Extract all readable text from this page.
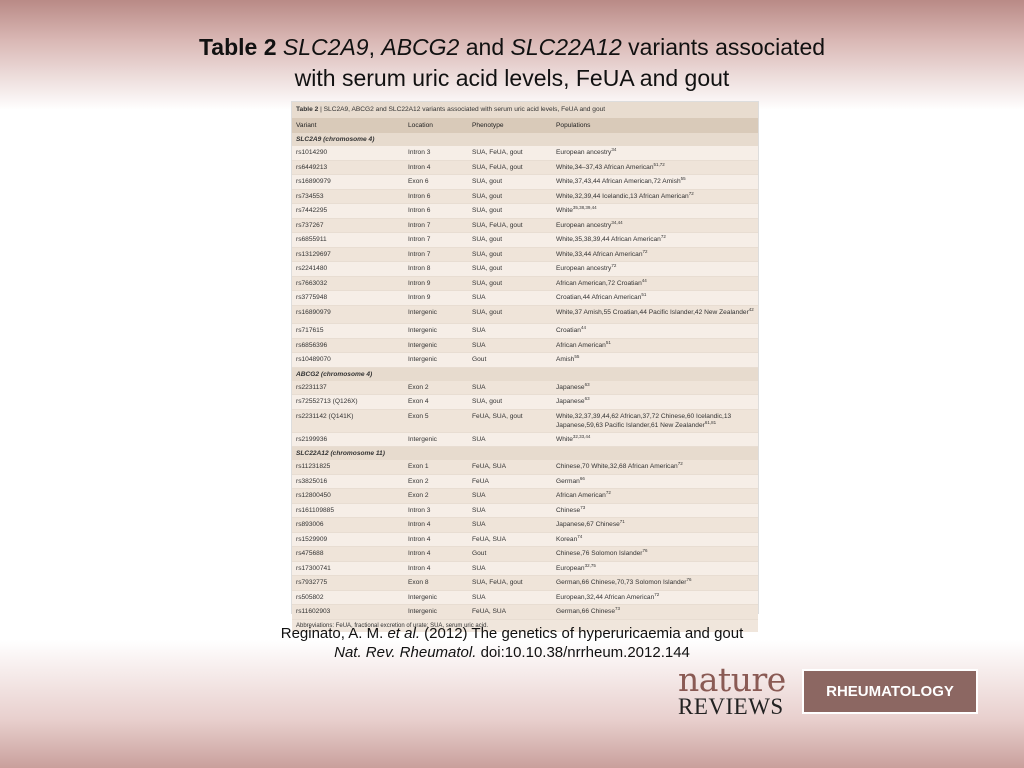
Table 2 SLC2A9, ABCG2 and SLC22A12 variants associated
with serum uric acid levels, FeUA and gout
Table 2 | SLC2A9, ABCG2 and SLC22A12 variants associated with serum uric acid levels, FeUA and gout
Variant	Location	Phenotype	Populations
SLC2A9 (chromosome 4)
rs1014290	Intron 3	SUA, FeUA, gout	European ancestry$^{34}$
rs6449213	Intron 4	SUA, FeUA, gout	White,34–37,43 African American$^{51,72}$
rs16890979	Exon 6	SUA, gout	White,37,43,44 African American,72 Amish$^{55}$
rs734553	Intron 6	SUA, gout	White,32,39,44 Icelandic,13 African American$^{72}$
rs7442295	Intron 6	SUA, gout	White$^{35,38,39,44}$
rs737267	Intron 7	SUA, FeUA, gout	European ancestry$^{34,44}$
rs6855911	Intron 7	SUA, gout	White,35,38,39,44 African American$^{72}$
rs13129697	Intron 7	SUA, gout	White,33,44 African American$^{72}$
rs2241480	Intron 8	SUA, gout	European ancestry$^{72}$
rs7663032	Intron 9	SUA, gout	African American,72 Croatian$^{44}$
rs3775948	Intron 9	SUA	Croatian,44 African American$^{51}$
rs16890979	Intergenic	SUA, gout	White,37 Amish,55 Croatian,44 Pacific Islander,42 New Zealander$^{42}$
rs717615	Intergenic	SUA	Croatian$^{44}$
rs6856396	Intergenic	SUA	African American$^{51}$
rs10489070	Intergenic	Gout	Amish$^{55}$
ABCG2 (chromosome 4)
rs2231137	Exon 2	SUA	Japanese$^{63}$
rs72552713 (Q126X)	Exon 4	SUA, gout	Japanese$^{63}$
rs2231142 (Q141K)	Exon 5	FeUA, SUA, gout	White,32,37,39,44,62 African,37,72 Chinese,60 Icelandic,13 Japanese,59,63 Pacific Islander,61 New Zealander$^{61,81}$
rs2199936	Intergenic	SUA	White$^{32,33,44}$
SLC22A12 (chromosome 11)
rs11231825	Exon 1	FeUA, SUA	Chinese,70 White,32,68 African American$^{72}$
rs3825016	Exon 2	FeUA	German$^{66}$
rs12800450	Exon 2	SUA	African American$^{72}$
rs161109885	Intron 3	SUA	Chinese$^{73}$
rs893006	Intron 4	SUA	Japanese,67 Chinese$^{71}$
rs1529909	Intron 4	FeUA, SUA	Korean$^{74}$
rs475688	Intron 4	Gout	Chinese,76 Solomon Islander$^{76}$
rs17300741	Intron 4	SUA	European$^{32,75}$
rs7932775	Exon 8	SUA, FeUA, gout	German,66 Chinese,70,73 Solomon Islander$^{76}$
rs505802	Intergenic	SUA	European,32,44 African American$^{72}$
rs11602903	Intergenic	FeUA, SUA	German,66 Chinese$^{73}$
Abbreviations: FeUA, fractional excretion of urate; SUA, serum uric acid.
Reginato, A. M. et al. (2012) The genetics of hyperuricaemia and gout
Nat. Rev. Rheumatol. doi:10.10.38/nrrheum.2012.144
nature
REVIEWS
RHEUMATOLOGY
